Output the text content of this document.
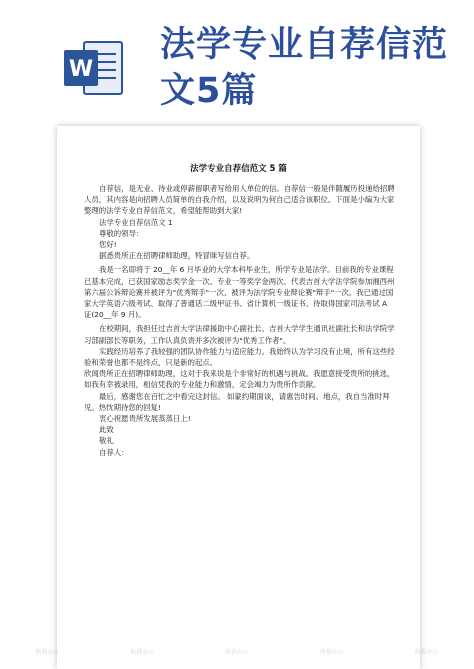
W
法学专业自荐信范文5篇
法学专业自荐信范文 5 篇

自荐信，是无业、待业或停薪留职者写给用人单位的信。自荐信一般是伴随履历投递给招聘人员，其内容是向招聘人员简单的自我介绍，以及说明为何自己适合该职位。下面是小编为大家整理的法学专业自荐信范文，希望能帮助到大家!

法学专业自荐信范文 1

尊敬的领导：

您好!

据悉贵所正在招聘律师助理，特冒昧写信自荐。

我是一名即将于 20__年 6 月毕业的大学本科毕业生，所学专业是法学。目前我的专业课程已基本完成，已获国家励志奖学金一次、专业一等奖学金两次、代表吉首大学法学院参加湘西州第六届公诉辩论赛并被评为"优秀辩手"一次、被评为法学院专业辩论赛"辩手"一次。我已通过国家大学英语六级考试、取得了普通话二级甲证书、省计算机一级证书、待取得国家司法考试 A 证(20__年 9 月)。

在校期间，我担任过吉首大学法律援助中心副社长、吉首大学学生通讯社副社长和法学院学习部副部长等职务，工作认真负责并多次被评为"优秀工作者"。

实践经历培养了我较强的团队协作能力与适应能力。我始终认为学习没有止境，所有这些经验和荣誉也都不是终点，只是新的起点。

欣闻贵所正在招聘律师助理，这对于我来说是个非常好的机遇与挑战。我愿意接受贵所的挑选，如我有幸被录用，相信凭我的专业能力和激情，定会竭力为贵所作贡献。

最后，感谢您在百忙之中看完这封信。 如蒙约期面谈，请惠告时间、地点，我自当准时拜见。热忱期待您的回复!

衷心祝愿贵所发展蒸蒸日上!

此致

敬礼

自荐人：

熊猫办公	熊猫办公	熊猫办公	熊猫办公	熊猫办公
